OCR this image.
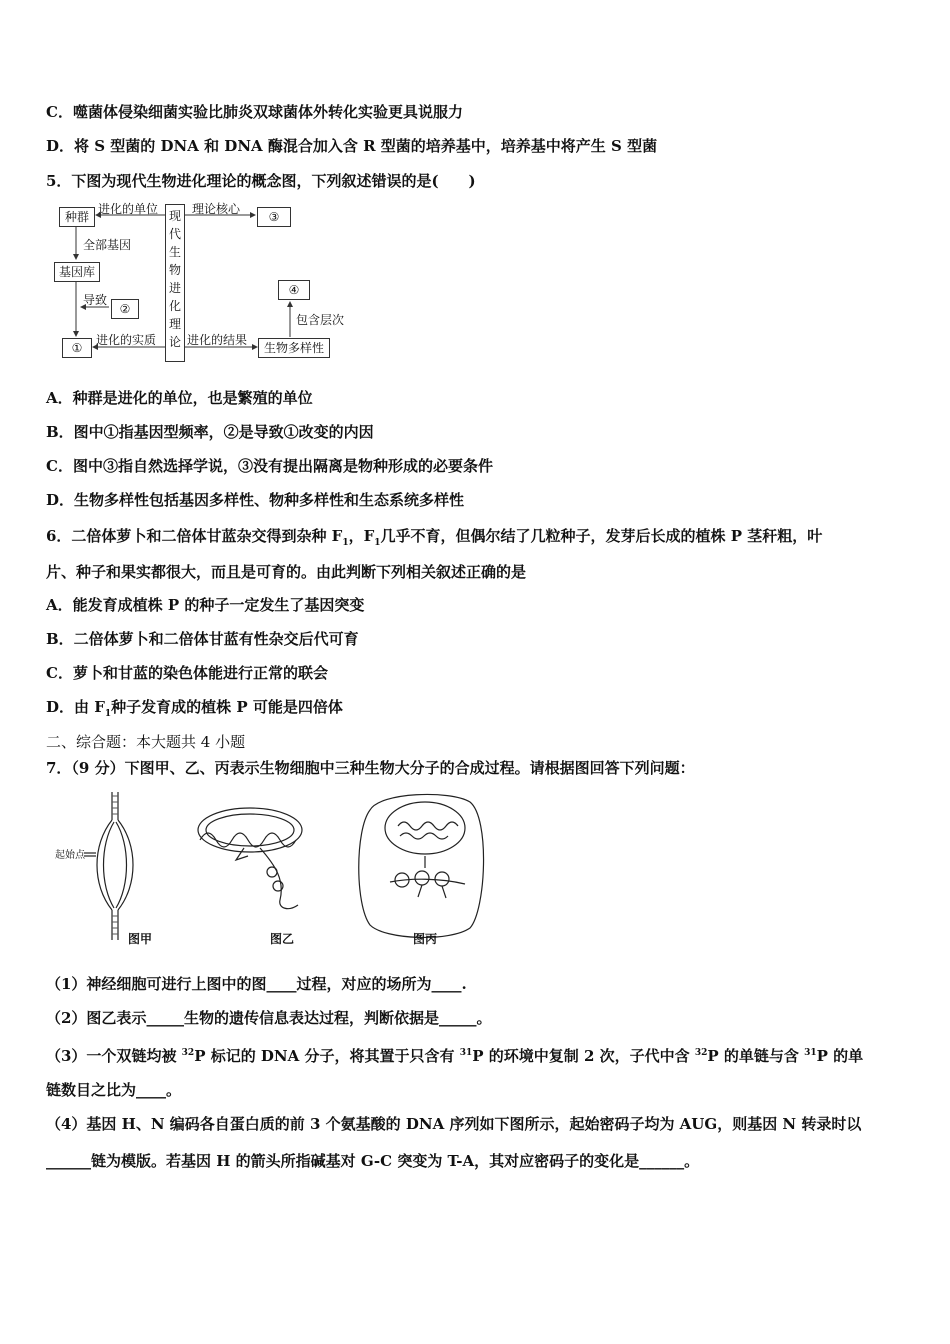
C．噬菌体侵染细菌实验比肺炎双球菌体外转化实验更具说服力
D．将 S 型菌的 DNA 和 DNA 酶混合加入含 R 型菌的培养基中，培养基中将产生 S 型菌
5．下图为现代生物进化理论的概念图，下列叙述错误的是(　　)
种群
基因库
①
②
③
④
生物多样性
现
代
生
物
进
化
理
论
进化的单位	理论核心
全部基因
导致
进化的实质	进化的结果
包含层次
A．种群是进化的单位，也是繁殖的单位
B．图中①指基因型频率，②是导致①改变的内因
C．图中③指自然选择学说，③没有提出隔离是物种形成的必要条件
D．生物多样性包括基因多样性、物种多样性和生态系统多样性
6．二倍体萝卜和二倍体甘蓝杂交得到杂种 $F_1$，$F_1$几乎不育，但偶尔结了几粒种子，发芽后长成的植株 P 茎秆粗，叶
片、种子和果实都很大，而且是可育的。由此判断下列相关叙述正确的是
A．能发育成植株 P 的种子一定发生了基因突变
B．二倍体萝卜和二倍体甘蓝有性杂交后代可育
C．萝卜和甘蓝的染色体能进行正常的联会
D．由 $F_1$种子发育成的植株 P 可能是四倍体
二、综合题：本大题共 4 小题
7．（9 分）下图甲、乙、丙表示生物细胞中三种生物大分子的合成过程。请根据图回答下列问题：
起始点
图甲	图乙	图丙
（1）神经细胞可进行上图中的图____过程，对应的场所为____.
（2）图乙表示_____生物的遗传信息表达过程，判断依据是_____。
（3）一个双链均被 $^{32}$P 标记的 DNA 分子，将其置于只含有 $^{31}$P 的环境中复制 2 次，子代中含 $^{32}$P 的单链与含 $^{31}$P 的单
链数目之比为____。
（4）基因 H、N 编码各自蛋白质的前 3 个氨基酸的 DNA 序列如下图所示，起始密码子均为 AUG，则基因 N 转录时以
______链为模版。若基因 H 的箭头所指碱基对 G-C 突变为 T-A，其对应密码子的变化是______。
